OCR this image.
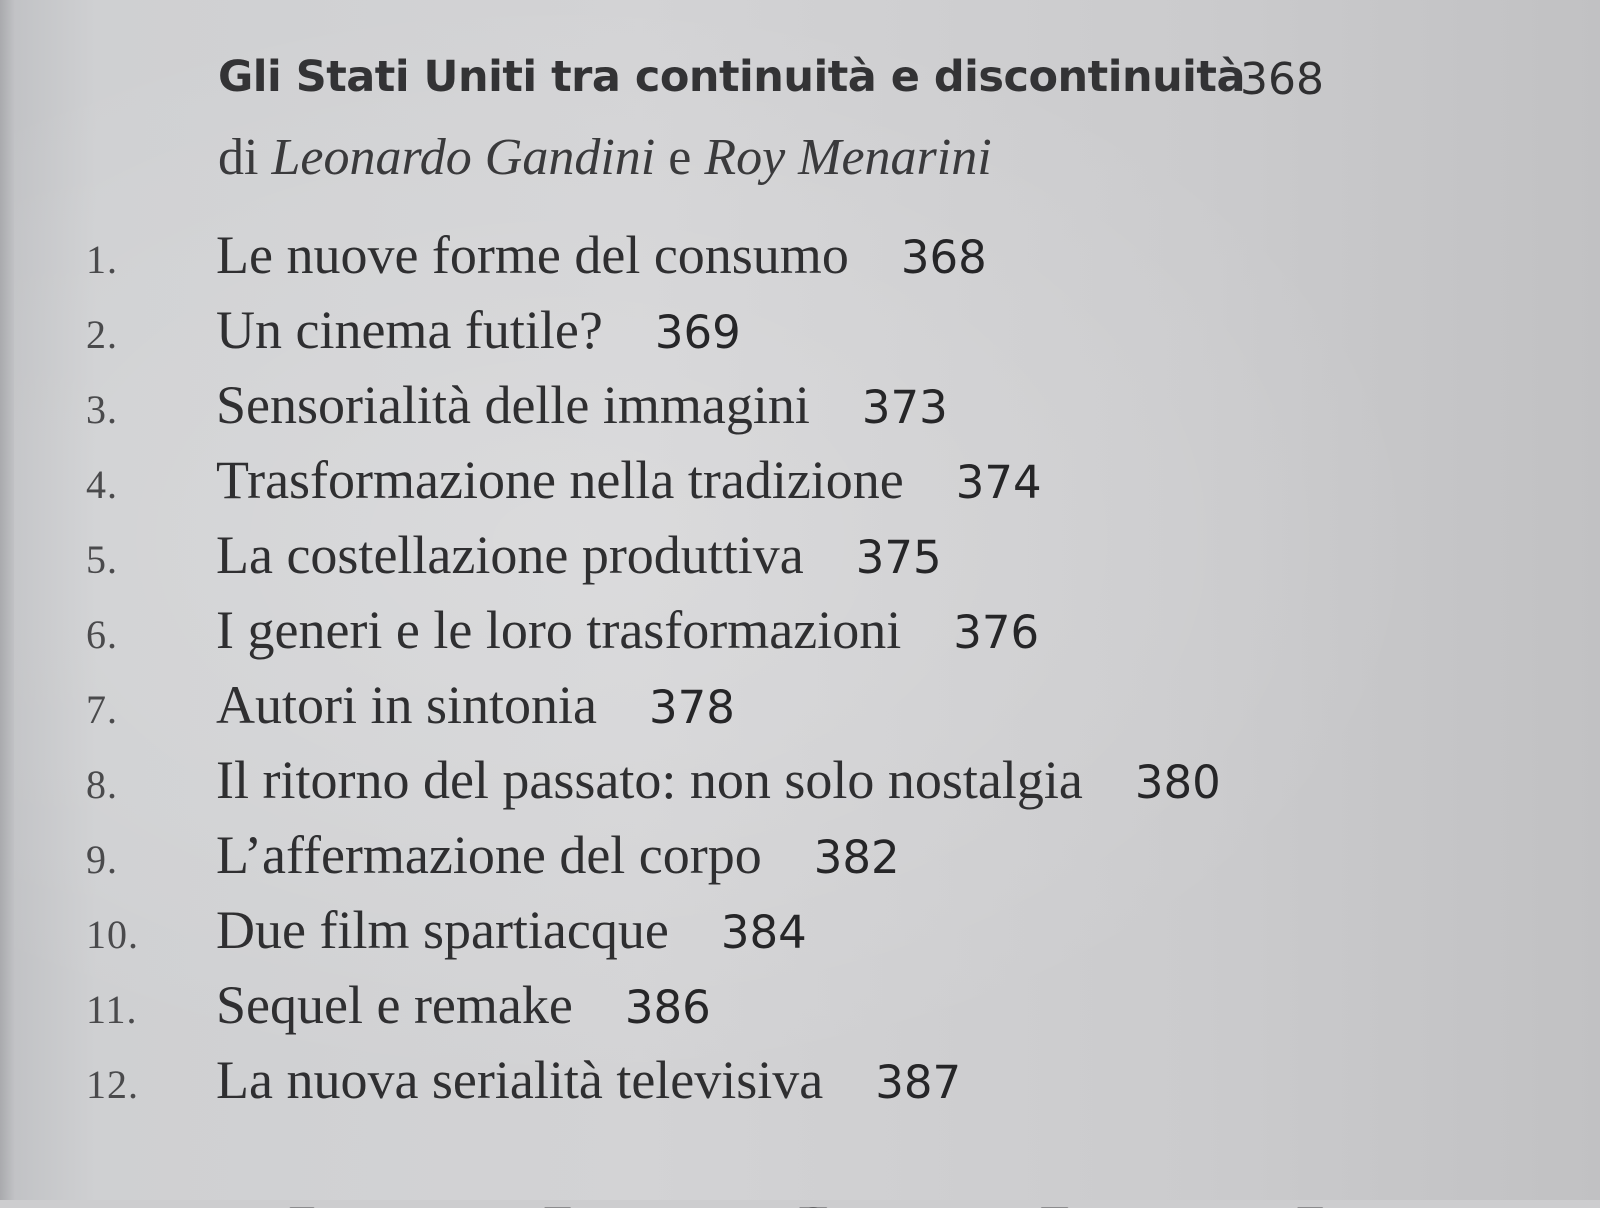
Gli Stati Uniti tra continuità e discontinuità
368
di Leonardo Gandini e Roy Menarini
1. Le nuove forme del consumo 368
2. Un cinema futile? 369
3. Sensorialità delle immagini 373
4. Trasformazione nella tradizione 374
5. La costellazione produttiva 375
6. I generi e le loro trasformazioni 376
7. Autori in sintonia 378
8. Il ritorno del passato: non solo nostalgia 380
9. L’affermazione del corpo 382
10. Due film spartiacque 384
11. Sequel e remake 386
12. La nuova serialità televisiva 387
